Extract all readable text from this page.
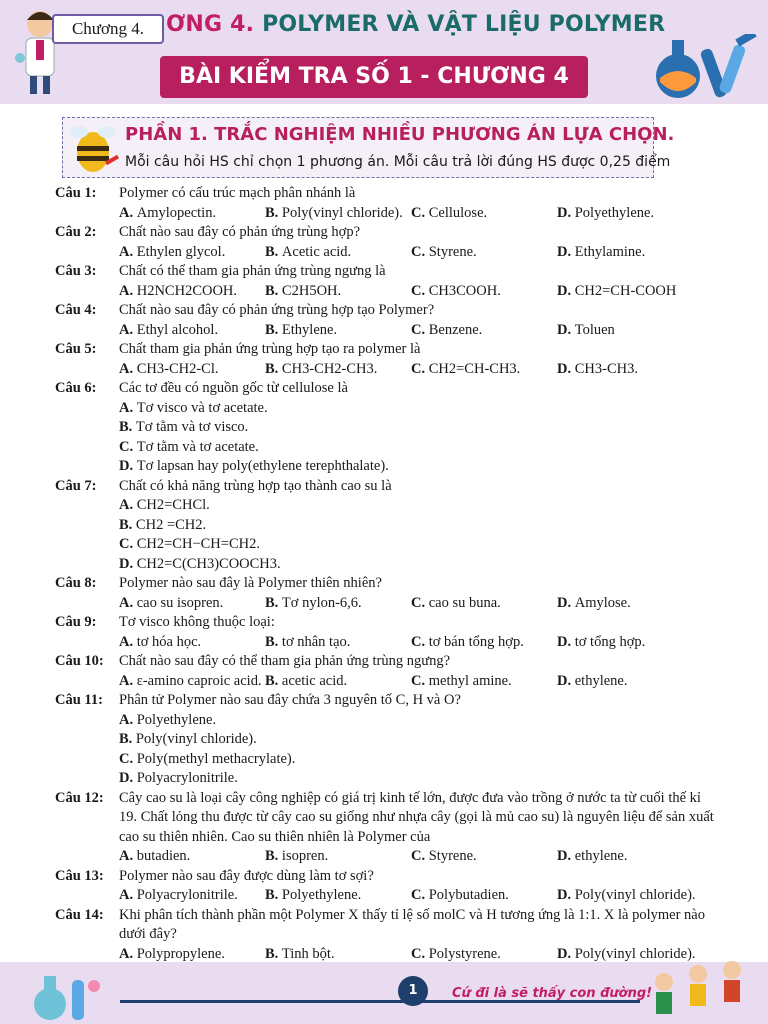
Chương 4. ƠNG 4. POLYMER VÀ VẬT LIỆU POLYMER
BÀI KIỂM TRA SỐ 1 - CHƯƠNG 4
PHẦN 1. TRẮC NGHIỆM NHIỀU PHƯƠNG ÁN LỰA CHỌN.
Mỗi câu hỏi HS chỉ chọn 1 phương án. Mỗi câu trả lời đúng HS được 0,25 điểm
Câu 1:	Polymer có cấu trúc mạch phân nhánh là
A. Amylopectin.	B. Poly(vinyl chloride). C. Cellulose.	D. Polyethylene.
Câu 2:	Chất nào sau đây có phản ứng trùng hợp?
A. Ethylen glycol.	B. Acetic acid.	C. Styrene.	D. Ethylamine.
Câu 3:	Chất có thể tham gia phản ứng trùng ngưng là
A. H2NCH2COOH.	B. C2H5OH.	C. CH3COOH.	D. CH2=CH-COOH
Câu 4:	Chất nào sau đây có phản ứng trùng hợp tạo Polymer?
A. Ethyl alcohol.	B. Ethylene.	C. Benzene.	D. Toluen
Câu 5:	Chất tham gia phản ứng trùng hợp tạo ra polymer là
A. CH3-CH2-Cl.	B. CH3-CH2-CH3.	C. CH2=CH-CH3.	D. CH3-CH3.
Câu 6:	Các tơ đều có nguồn gốc từ cellulose là
A. Tơ visco và tơ acetate.
B. Tơ tằm và tơ visco.
C. Tơ tằm và tơ acetate.
D. Tơ lapsan hay poly(ethylene terephthalate).
Câu 7:	Chất có khả năng trùng hợp tạo thành cao su là
A. CH2=CHCl.
B. CH2 =CH2.
C. CH2=CH−CH=CH2.
D. CH2=C(CH3)COOCH3.
Câu 8:	Polymer nào sau đây là Polymer thiên nhiên?
A. cao su isopren.	B. Tơ nylon-6,6.	C. cao su buna.	D. Amylose.
Câu 9:	Tơ visco không thuộc loại:
A. tơ hóa học.	B. tơ nhân tạo.	C. tơ bán tổng hợp.	D. tơ tổng hợp.
Câu 10:	Chất nào sau đây có thể tham gia phản ứng trùng ngưng?
A. ε-amino caproic acid. B. acetic acid.	C. methyl amine.	D. ethylene.
Câu 11:	Phân tử Polymer nào sau đây chứa 3 nguyên tố C, H và O?
A. Polyethylene.
B. Poly(vinyl chloride).
C. Poly(methyl methacrylate).
D. Polyacrylonitrile.
Câu 12:	Cây cao su là loại cây công nghiệp có giá trị kinh tế lớn, được đưa vào trồng ở nước ta từ cuối thế kỉ 19. Chất lỏng thu được từ cây cao su giống như nhựa cây (gọi là mủ cao su) là nguyên liệu để sản xuất cao su thiên nhiên. Cao su thiên nhiên là Polymer của
A. butadien.	B. isopren.	C. Styrene.	D. ethylene.
Câu 13:	Polymer nào sau đây được dùng làm tơ sợi?
A. Polyacrylonitrile.	B. Polyethylene.	C. Polybutadien.	D. Poly(vinyl chloride).
Câu 14:	Khi phân tích thành phần một Polymer X thấy tỉ lệ số molC và H tương ứng là 1:1. X là polymer nào dưới đây?
A. Polypropylene.	B. Tinh bột.	C. Polystyrene.	D. Poly(vinyl chloride).
1	Cứ đi là sẽ thấy con đường!
